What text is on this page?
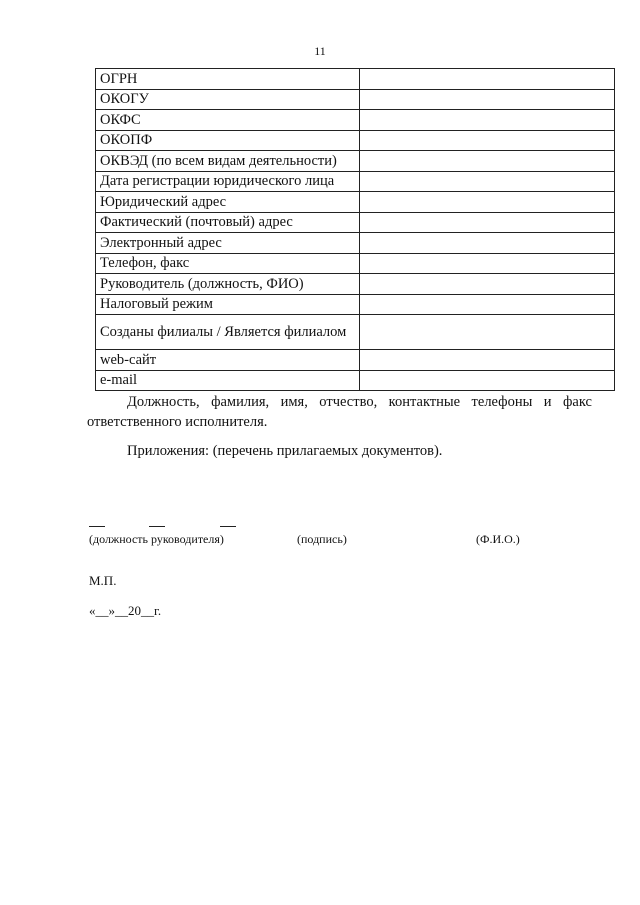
11
ОГРН	
ОКОГУ	
ОКФС	
ОКОПФ	
ОКВЭД (по всем видам деятельности)	
Дата регистрации юридического лица	
Юридический адрес	
Фактический (почтовый) адрес	
Электронный адрес	
Телефон, факс	
Руководитель (должность, ФИО)	
Налоговый режим	
Созданы филиалы / Является филиалом	
web-сайт	
e-mail	
Должность, фамилия, имя, отчество, контактные телефоны и факс ответственного исполнителя.
Приложения: (перечень прилагаемых документов).
(должность руководителя)	(подпись)	(Ф.И.О.)
М.П.
«__»__20__г.
